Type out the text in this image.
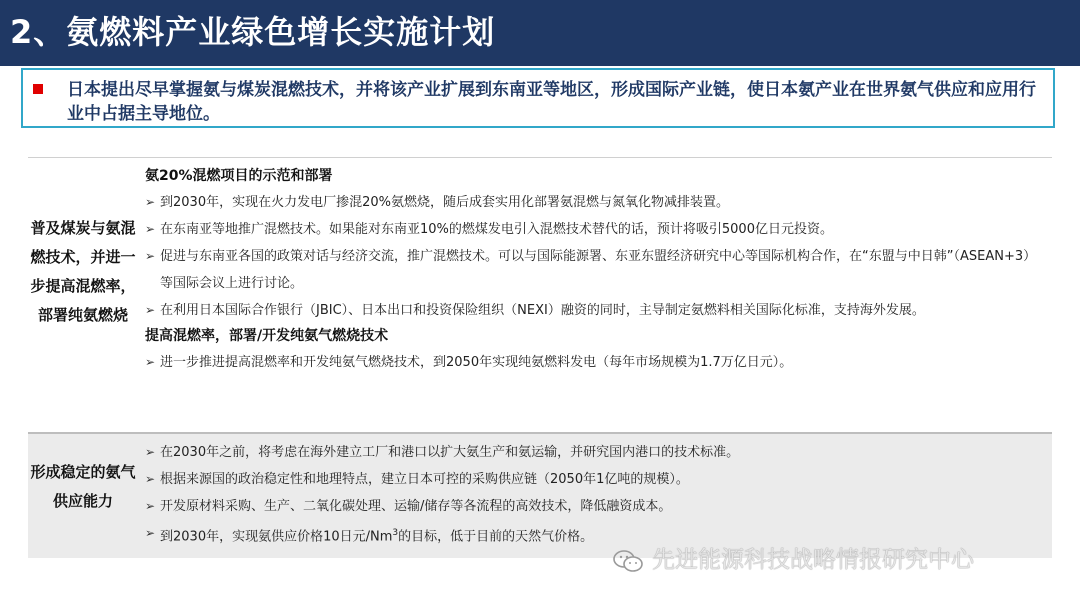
2、氨燃料产业绿色增长实施计划
日本提出尽早掌握氨与煤炭混燃技术，并将该产业扩展到东南亚等地区，形成国际产业链，使日本氨产业在世界氨气供应和应用行业中占据主导地位。
普及煤炭与氨混燃技术，并进一步提高混燃率，部署纯氨燃烧
氨20%混燃项目的示范和部署
➢ 到2030年，实现在火力发电厂掺混20%氨燃烧，随后成套实用化部署氨混燃与氮氧化物减排装置。
➢ 在东南亚等地推广混燃技术。如果能对东南亚10%的燃煤发电引入混燃技术替代的话，预计将吸引5000亿日元投资。
➢ 促进与东南亚各国的政策对话与经济交流，推广混燃技术。可以与国际能源署、东亚东盟经济研究中心等国际机构合作，在“东盟与中日韩”（ASEAN+3）等国际会议上进行讨论。
➢ 在利用日本国际合作银行（JBIC）、日本出口和投资保险组织（NEXI）融资的同时，主导制定氨燃料相关国际化标准，支持海外发展。
提高混燃率，部署/开发纯氨气燃烧技术
➢ 进一步推进提高混燃率和开发纯氨气燃烧技术，到2050年实现纯氨燃料发电（每年市场规模为1.7万亿日元）。
形成稳定的氨气供应能力
➢ 在2030年之前，将考虑在海外建立工厂和港口以扩大氨生产和氨运输，并研究国内港口的技术标准。
➢ 根据来源国的政治稳定性和地理特点，建立日本可控的采购供应链（2050年1亿吨的规模）。
➢ 开发原材料采购、生产、二氧化碳处理、运输/储存等各流程的高效技术，降低融资成本。
➢ 到2030年，实现氨供应价格10日元/Nm$^3$的目标，低于目前的天然气价格。
先进能源科技战略情报研究中心
